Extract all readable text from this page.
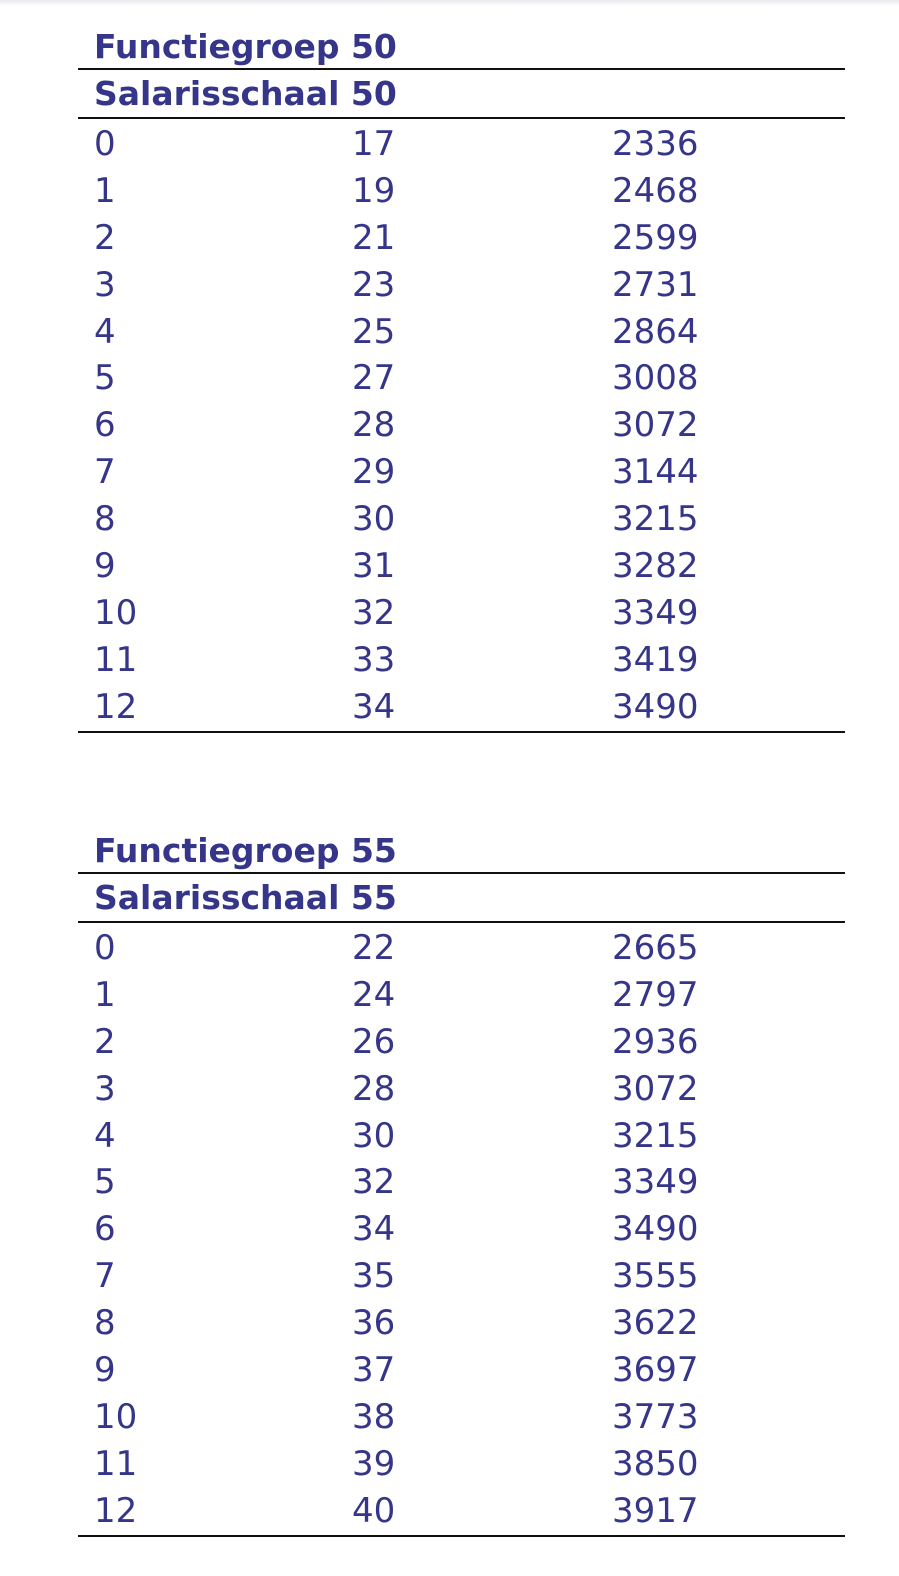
Functiegroep 50
Salarisschaal 50
0	17	2336
1	19	2468
2	21	2599
3	23	2731
4	25	2864
5	27	3008
6	28	3072
7	29	3144
8	30	3215
9	31	3282
10	32	3349
11	33	3419
12	34	3490
Functiegroep 55
Salarisschaal 55
0	22	2665
1	24	2797
2	26	2936
3	28	3072
4	30	3215
5	32	3349
6	34	3490
7	35	3555
8	36	3622
9	37	3697
10	38	3773
11	39	3850
12	40	3917
